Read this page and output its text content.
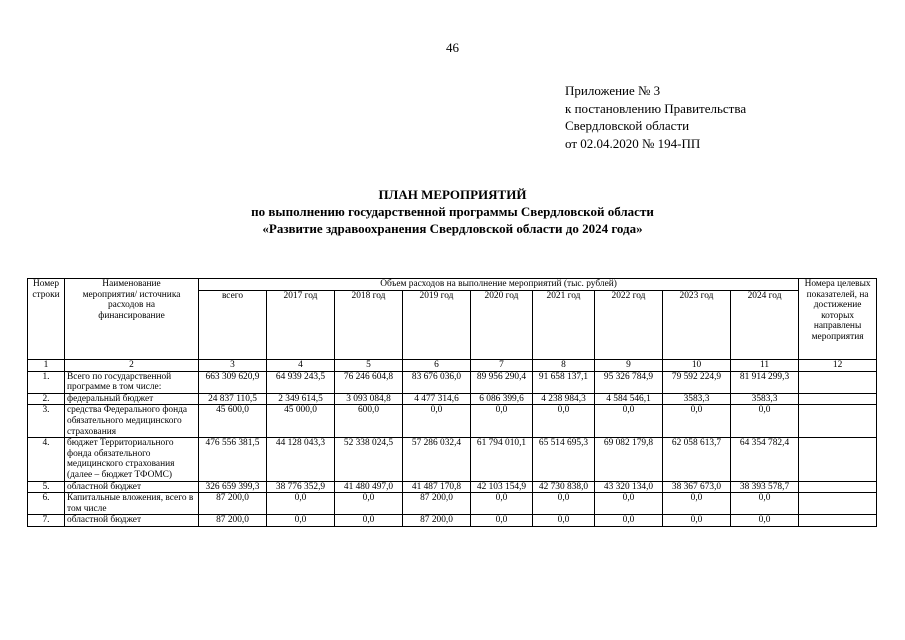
46
Приложение № 3
к постановлению Правительства
Свердловской области
от 02.04.2020 № 194-ПП
ПЛАН МЕРОПРИЯТИЙ
по выполнению государственной программы Свердловской области
«Развитие здравоохранения Свердловской области до 2024 года»
Номер строки	Наименование мероприятия/ источника расходов на финансирование	Объем расходов на выполнение мероприятий (тыс. рублей)									Номера целевых показателей, на достижение которых направлены мероприятия
		всего	2017 год	2018 год	2019 год	2020 год	2021 год	2022 год	2023 год	2024 год	
1	2	3	4	5	6	7	8	9	10	11	12
1.	Всего по государственной программе в том числе:	663 309 620,9	64 939 243,5	76 246 604,8	83 676 036,0	89 956 290,4	91 658 137,1	95 326 784,9	79 592 224,9	81 914 299,3	
2.	федеральный бюджет	24 837 110,5	2 349 614,5	3 093 084,8	4 477 314,6	6 086 399,6	4 238 984,3	4 584 546,1	3583,3	3583,3	
3.	средства Федерального фонда обязательного медицинского страхования	45 600,0	45 000,0	600,0	0,0	0,0	0,0	0,0	0,0	0,0	
4.	бюджет Территориального фонда обязательного медицинского страхования (далее – бюджет ТФОМС)	476 556 381,5	44 128 043,3	52 338 024,5	57 286 032,4	61 794 010,1	65 514 695,3	69 082 179,8	62 058 613,7	64 354 782,4	
5.	областной бюджет	326 659 399,3	38 776 352,9	41 480 497,0	41 487 170,8	42 103 154,9	42 730 838,0	43 320 134,0	38 367 673,0	38 393 578,7	
6.	Капитальные вложения, всего в том числе	87 200,0	0,0	0,0	87 200,0	0,0	0,0	0,0	0,0	0,0	
7.	областной бюджет	87 200,0	0,0	0,0	87 200,0	0,0	0,0	0,0	0,0	0,0	
